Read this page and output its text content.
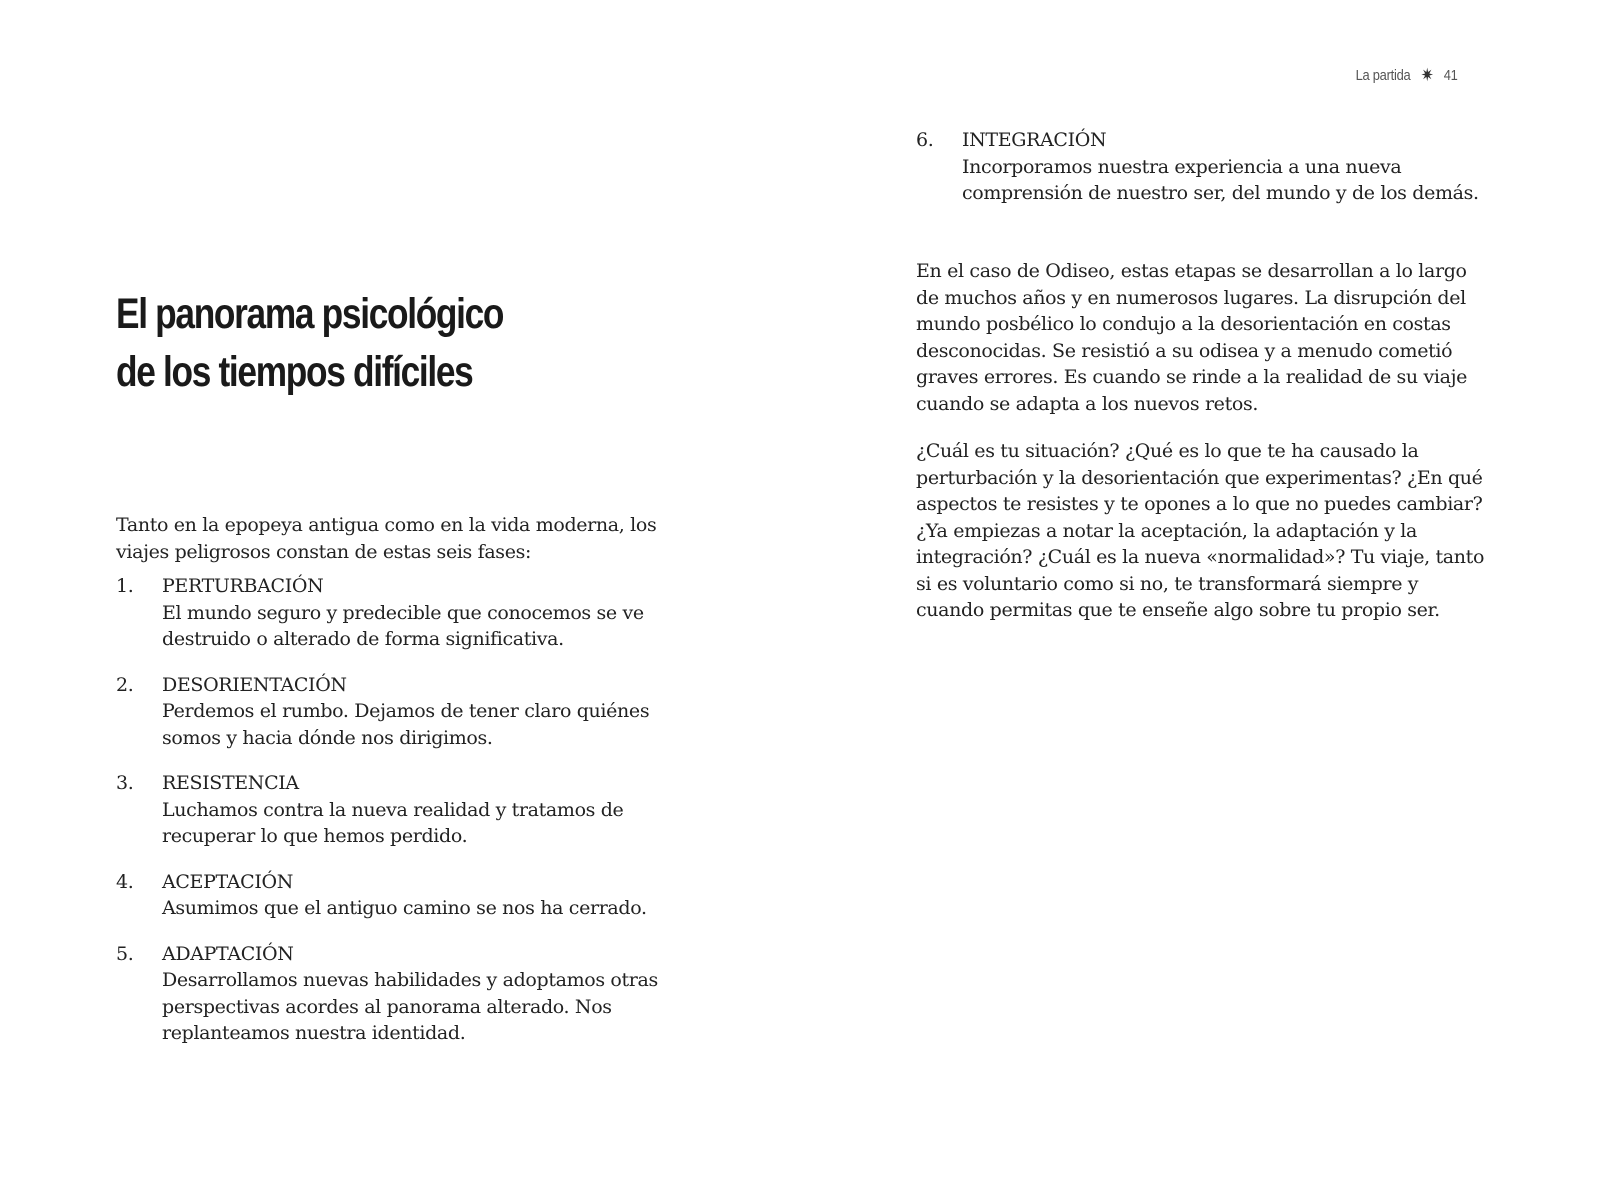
La partida ✷ 41
El panorama psicológico
de los tiempos difíciles

Tanto en la epopeya antigua como en la vida moderna, los viajes peligrosos constan de estas seis fases:

1. PERTURBACIÓN
El mundo seguro y predecible que conocemos se ve destruido o alterado de forma significativa.
2. DESORIENTACIÓN
Perdemos el rumbo. Dejamos de tener claro quiénes somos y hacia dónde nos dirigimos.
3. RESISTENCIA
Luchamos contra la nueva realidad y tratamos de recuperar lo que hemos perdido.
4. ACEPTACIÓN
Asumimos que el antiguo camino se nos ha cerrado.
5. ADAPTACIÓN
Desarrollamos nuevas habilidades y adoptamos otras perspectivas acordes al panorama alterado. Nos replanteamos nuestra identidad.
6. INTEGRACIÓN
Incorporamos nuestra experiencia a una nueva comprensión de nuestro ser, del mundo y de los demás.

En el caso de Odiseo, estas etapas se desarrollan a lo largo de muchos años y en numerosos lugares. La disrupción del mundo posbélico lo condujo a la desorientación en costas desconocidas. Se resistió a su odisea y a menudo cometió graves errores. Es cuando se rinde a la realidad de su viaje cuando se adapta a los nuevos retos.

¿Cuál es tu situación? ¿Qué es lo que te ha causado la perturbación y la desorientación que experimentas? ¿En qué aspectos te resistes y te opones a lo que no puedes cambiar? ¿Ya empiezas a notar la aceptación, la adaptación y la integración? ¿Cuál es la nueva «normalidad»? Tu viaje, tanto si es voluntario como si no, te transformará siempre y cuando permitas que te enseñe algo sobre tu propio ser.
